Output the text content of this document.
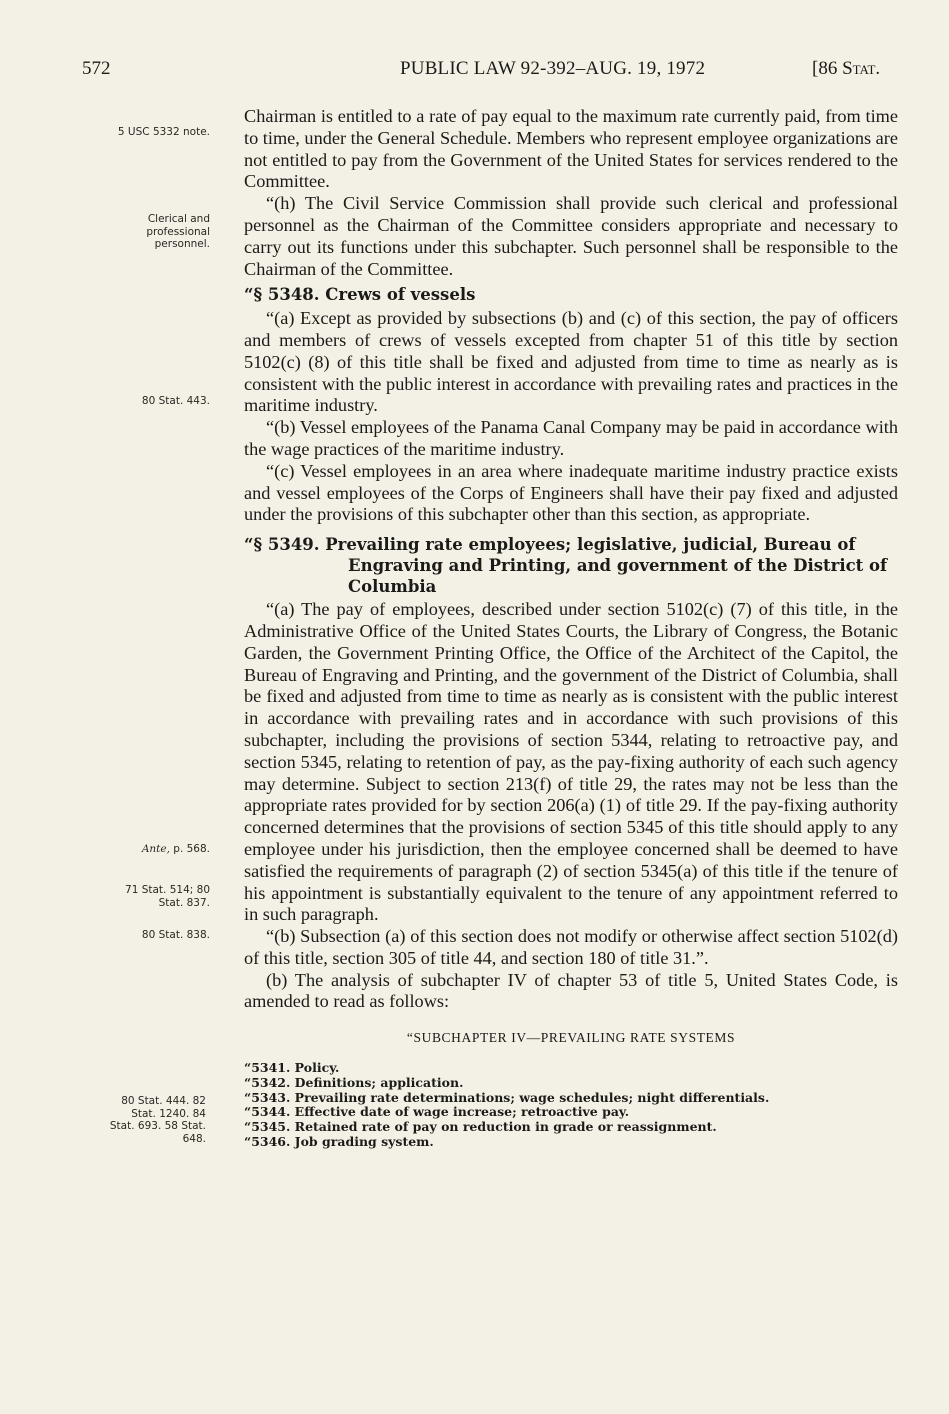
572	PUBLIC LAW 92-392–AUG. 19, 1972	[86 Stat.
5 USC 5332 note.
Clerical and professional personnel.
80 Stat. 443.
Ante, p. 568.
71 Stat. 514; 80 Stat. 837.
80 Stat. 838.
80 Stat. 444. 82 Stat. 1240. 84 Stat. 693. 58 Stat. 648.

Chairman is entitled to a rate of pay equal to the maximum rate currently paid, from time to time, under the General Schedule. Members who represent employee organizations are not entitled to pay from the Government of the United States for services rendered to the Committee.

“(h) The Civil Service Commission shall provide such clerical and professional personnel as the Chairman of the Committee considers appropriate and necessary to carry out its functions under this subchapter. Such personnel shall be responsible to the Chairman of the Committee.

“§ 5348. Crews of vessels

“(a) Except as provided by subsections (b) and (c) of this section, the pay of officers and members of crews of vessels excepted from chapter 51 of this title by section 5102(c) (8) of this title shall be fixed and adjusted from time to time as nearly as is consistent with the public interest in accordance with prevailing rates and practices in the maritime industry.

“(b) Vessel employees of the Panama Canal Company may be paid in accordance with the wage practices of the maritime industry.

“(c) Vessel employees in an area where inadequate maritime industry practice exists and vessel employees of the Corps of Engineers shall have their pay fixed and adjusted under the provisions of this subchapter other than this section, as appropriate.

“§ 5349. Prevailing rate employees; legislative, judicial, Bureau of Engraving and Printing, and government of the District of Columbia

“(a) The pay of employees, described under section 5102(c) (7) of this title, in the Administrative Office of the United States Courts, the Library of Congress, the Botanic Garden, the Government Printing Office, the Office of the Architect of the Capitol, the Bureau of Engraving and Printing, and the government of the District of Columbia, shall be fixed and adjusted from time to time as nearly as is consistent with the public interest in accordance with prevailing rates and in accordance with such provisions of this subchapter, including the provisions of section 5344, relating to retroactive pay, and section 5345, relating to retention of pay, as the pay-fixing authority of each such agency may determine. Subject to section 213(f) of title 29, the rates may not be less than the appropriate rates provided for by section 206(a) (1) of title 29. If the pay-fixing authority concerned determines that the provisions of section 5345 of this title should apply to any employee under his jurisdiction, then the employee concerned shall be deemed to have satisfied the requirements of paragraph (2) of section 5345(a) of this title if the tenure of his appointment is substantially equivalent to the tenure of any appointment referred to in such paragraph.

“(b) Subsection (a) of this section does not modify or otherwise affect section 5102(d) of this title, section 305 of title 44, and section 180 of title 31.”.

(b) The analysis of subchapter IV of chapter 53 of title 5, United States Code, is amended to read as follows:

“SUBCHAPTER IV—PREVAILING RATE SYSTEMS

“5341. Policy.
“5342. Definitions; application.
“5343. Prevailing rate determinations; wage schedules; night differentials.
“5344. Effective date of wage increase; retroactive pay.
“5345. Retained rate of pay on reduction in grade or reassignment.
“5346. Job grading system.
